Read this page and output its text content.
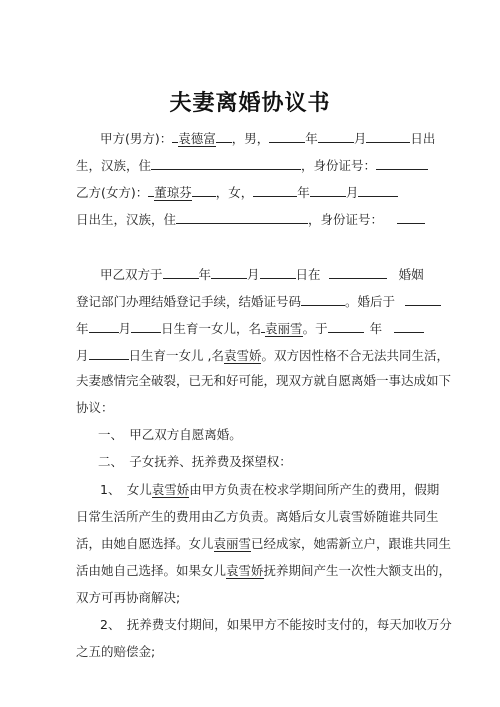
夫妻离婚协议书
甲方(男方)： 袁德富 ，男，	年	月	日出
生，汉族，住	，身份证号：
乙方(女方)： 董琼芬 ，女，	年	月
日出生，汉族，住	，身份证号：
甲乙双方于	年	月	日在	婚姻
登记部门办理结婚登记手续，结婚证号码	。婚后于
年 月 日生育一女儿，名 袁丽雪。于	年
月	日生育一女儿 ,名袁雪娇。双方因性格不合无法共同生活，
夫妻感情完全破裂，已无和好可能，现双方就自愿离婚一事达成如下
协议：
一、　甲乙双方自愿离婚。
二、　子女抚养、抚养费及探望权：
1、　女儿袁雪娇由甲方负责在校求学期间所产生的费用，假期
日常生活所产生的费用由乙方负责。离婚后女儿袁雪娇随谁共同生
活，由她自愿选择。女儿袁丽雪已经成家，她需新立户，跟谁共同生
活由她自己选择。如果女儿袁雪娇抚养期间产生一次性大额支出的，
双方可再协商解决;
2、　抚养费支付期间，如果甲方不能按时支付的，每天加收万分
之五的赔偿金;
